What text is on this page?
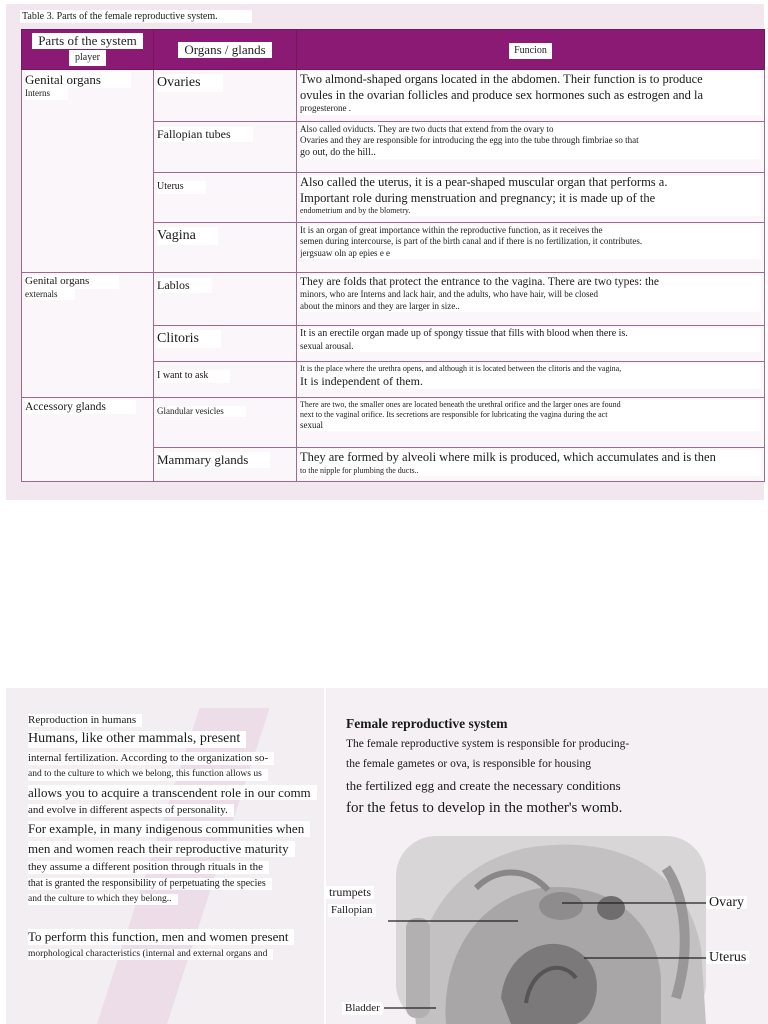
Table 3. Parts of the female reproductive system.
Parts of the system
player	Organs / glands	Funcion

Genital organs
Interns	Ovaries	Two almond-shaped organs located in the abdomen. Their function is to produce
ovules in the ovarian follicles and produce sex hormones such as estrogen and la
progesterone .

	Fallopian tubes	Also called oviducts. They are two ducts that extend from the ovary to
Ovaries and they are responsible for introducing the egg into the tube through fimbriae so that
go out, do the hill..

	Uterus	Also called the uterus, it is a pear-shaped muscular organ that performs a.
Important role during menstruation and pregnancy; it is made up of the
endometrium and by the blometry.

	Vagina	It is an organ of great importance within the reproductive function, as it receives the
semen during intercourse, is part of the birth canal and if there is no fertilization, it contributes.
jergsuaw oln ap epies e e

Genital organs
externals	Lablos	They are folds that protect the entrance to the vagina. There are two types: the
minors, who are Interns and lack hair, and the adults, who have hair, will be closed
about the minors and they are larger in size..

	Clitoris	It is an erectile organ made up of spongy tissue that fills with blood when there is.
sexual arousal.

	I want to ask	It is the place where the urethra opens, and although it is located between the clitoris and the vagina,
It is independent of them.

Accessory glands	Glandular vesicles	There are two, the smaller ones are located beneath the urethral orifice and the larger ones are found
next to the vaginal orifice. Its secretions are responsible for lubricating the vagina during the act
sexual

	Mammary glands	They are formed by alveoli where milk is produced, which accumulates and is then
to the nipple for plumbing the ducts..
Reproduction in humans
Humans, like other mammals, present
internal fertilization. According to the organization so-
and to the culture to which we belong, this function allows us
allows you to acquire a transcendent role in our comm
and evolve in different aspects of personality.
For example, in many indigenous communities when
men and women reach their reproductive maturity
they assume a different position through rituals in the
that is granted the responsibility of perpetuating the species
and the culture to which they belong..
To perform this function, men and women present
morphological characteristics (internal and external organs and
Female reproductive system
The female reproductive system is responsible for producing-
the female gametes or ova, is responsible for housing
the fertilized egg and create the necessary conditions
for the fetus to develop in the mother's womb.
trumpets
Fallopian	Ovary
Uterus
Bladder
